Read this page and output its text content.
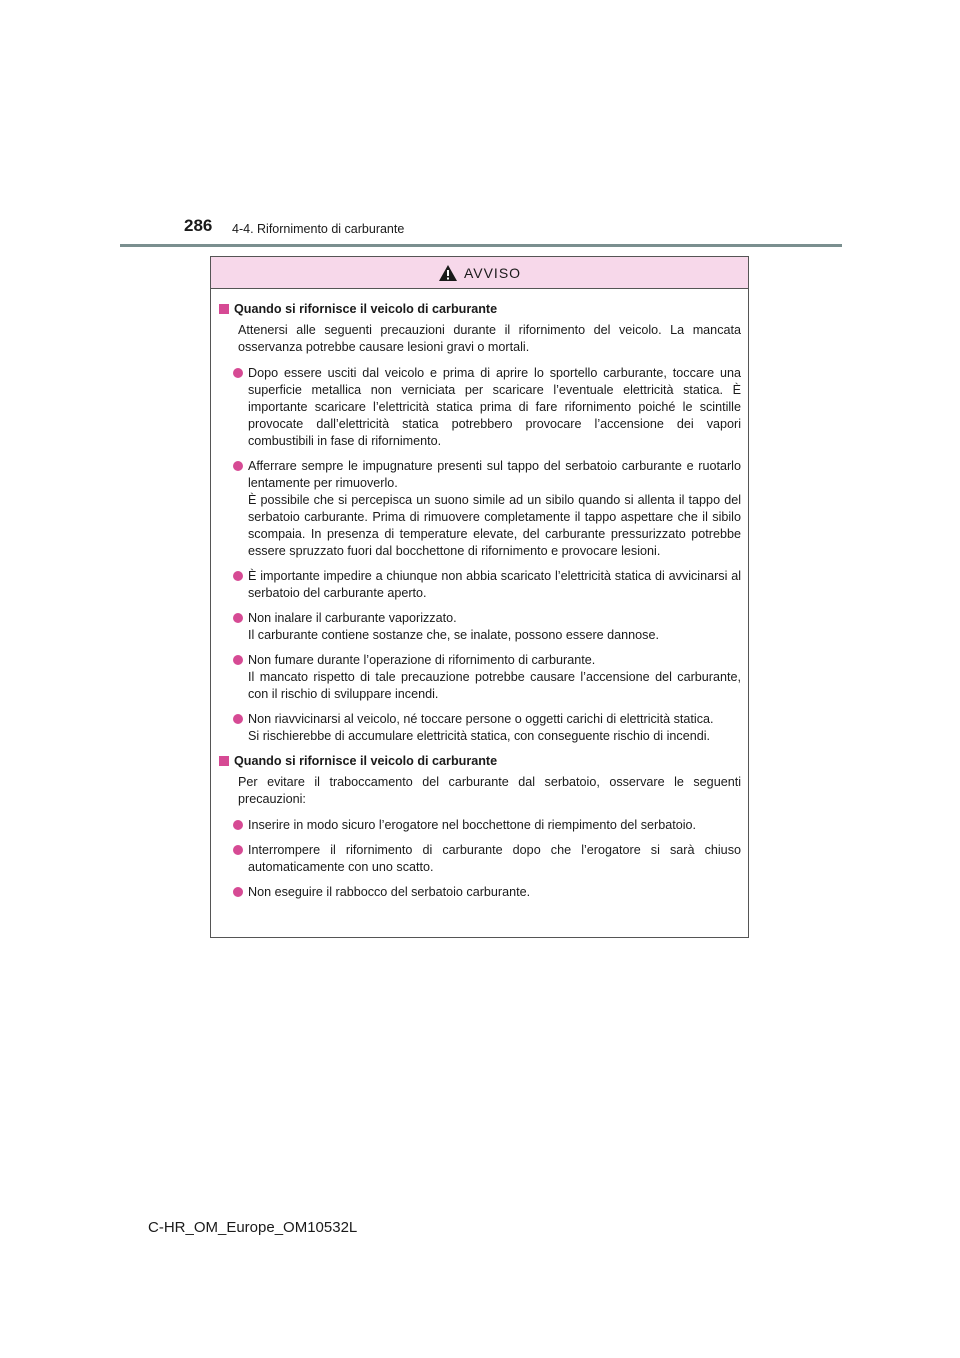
286 4-4. Rifornimento di carburante
AVVISO
Quando si rifornisce il veicolo di carburante
Attenersi alle seguenti precauzioni durante il rifornimento del veicolo. La mancata osservanza potrebbe causare lesioni gravi o mortali.
Dopo essere usciti dal veicolo e prima di aprire lo sportello carburante, toccare una superficie metallica non verniciata per scaricare l’eventuale elettricità statica. È importante scaricare l’elettricità statica prima di fare rifornimento poiché le scintille provocate dall’elettricità statica potrebbero provocare l’accensione dei vapori combustibili in fase di rifornimento.
Afferrare sempre le impugnature presenti sul tappo del serbatoio carburante e ruotarlo lentamente per rimuoverlo.
È possibile che si percepisca un suono simile ad un sibilo quando si allenta il tappo del serbatoio carburante. Prima di rimuovere completamente il tappo aspettare che il sibilo scompaia. In presenza di temperature elevate, del carburante pressurizzato potrebbe essere spruzzato fuori dal bocchettone di rifornimento e provocare lesioni.
È importante impedire a chiunque non abbia scaricato l’elettricità statica di avvicinarsi al serbatoio del carburante aperto.
Non inalare il carburante vaporizzato.
Il carburante contiene sostanze che, se inalate, possono essere dannose.
Non fumare durante l’operazione di rifornimento di carburante.
Il mancato rispetto di tale precauzione potrebbe causare l’accensione del carburante, con il rischio di sviluppare incendi.
Non riavvicinarsi al veicolo, né toccare persone o oggetti carichi di elettricità statica.
Si rischierebbe di accumulare elettricità statica, con conseguente rischio di incendi.
Quando si rifornisce il veicolo di carburante
Per evitare il traboccamento del carburante dal serbatoio, osservare le seguenti precauzioni:
Inserire in modo sicuro l’erogatore nel bocchettone di riempimento del serbatoio.
Interrompere il rifornimento di carburante dopo che l’erogatore si sarà chiuso automaticamente con uno scatto.
Non eseguire il rabbocco del serbatoio carburante.
C-HR_OM_Europe_OM10532L
